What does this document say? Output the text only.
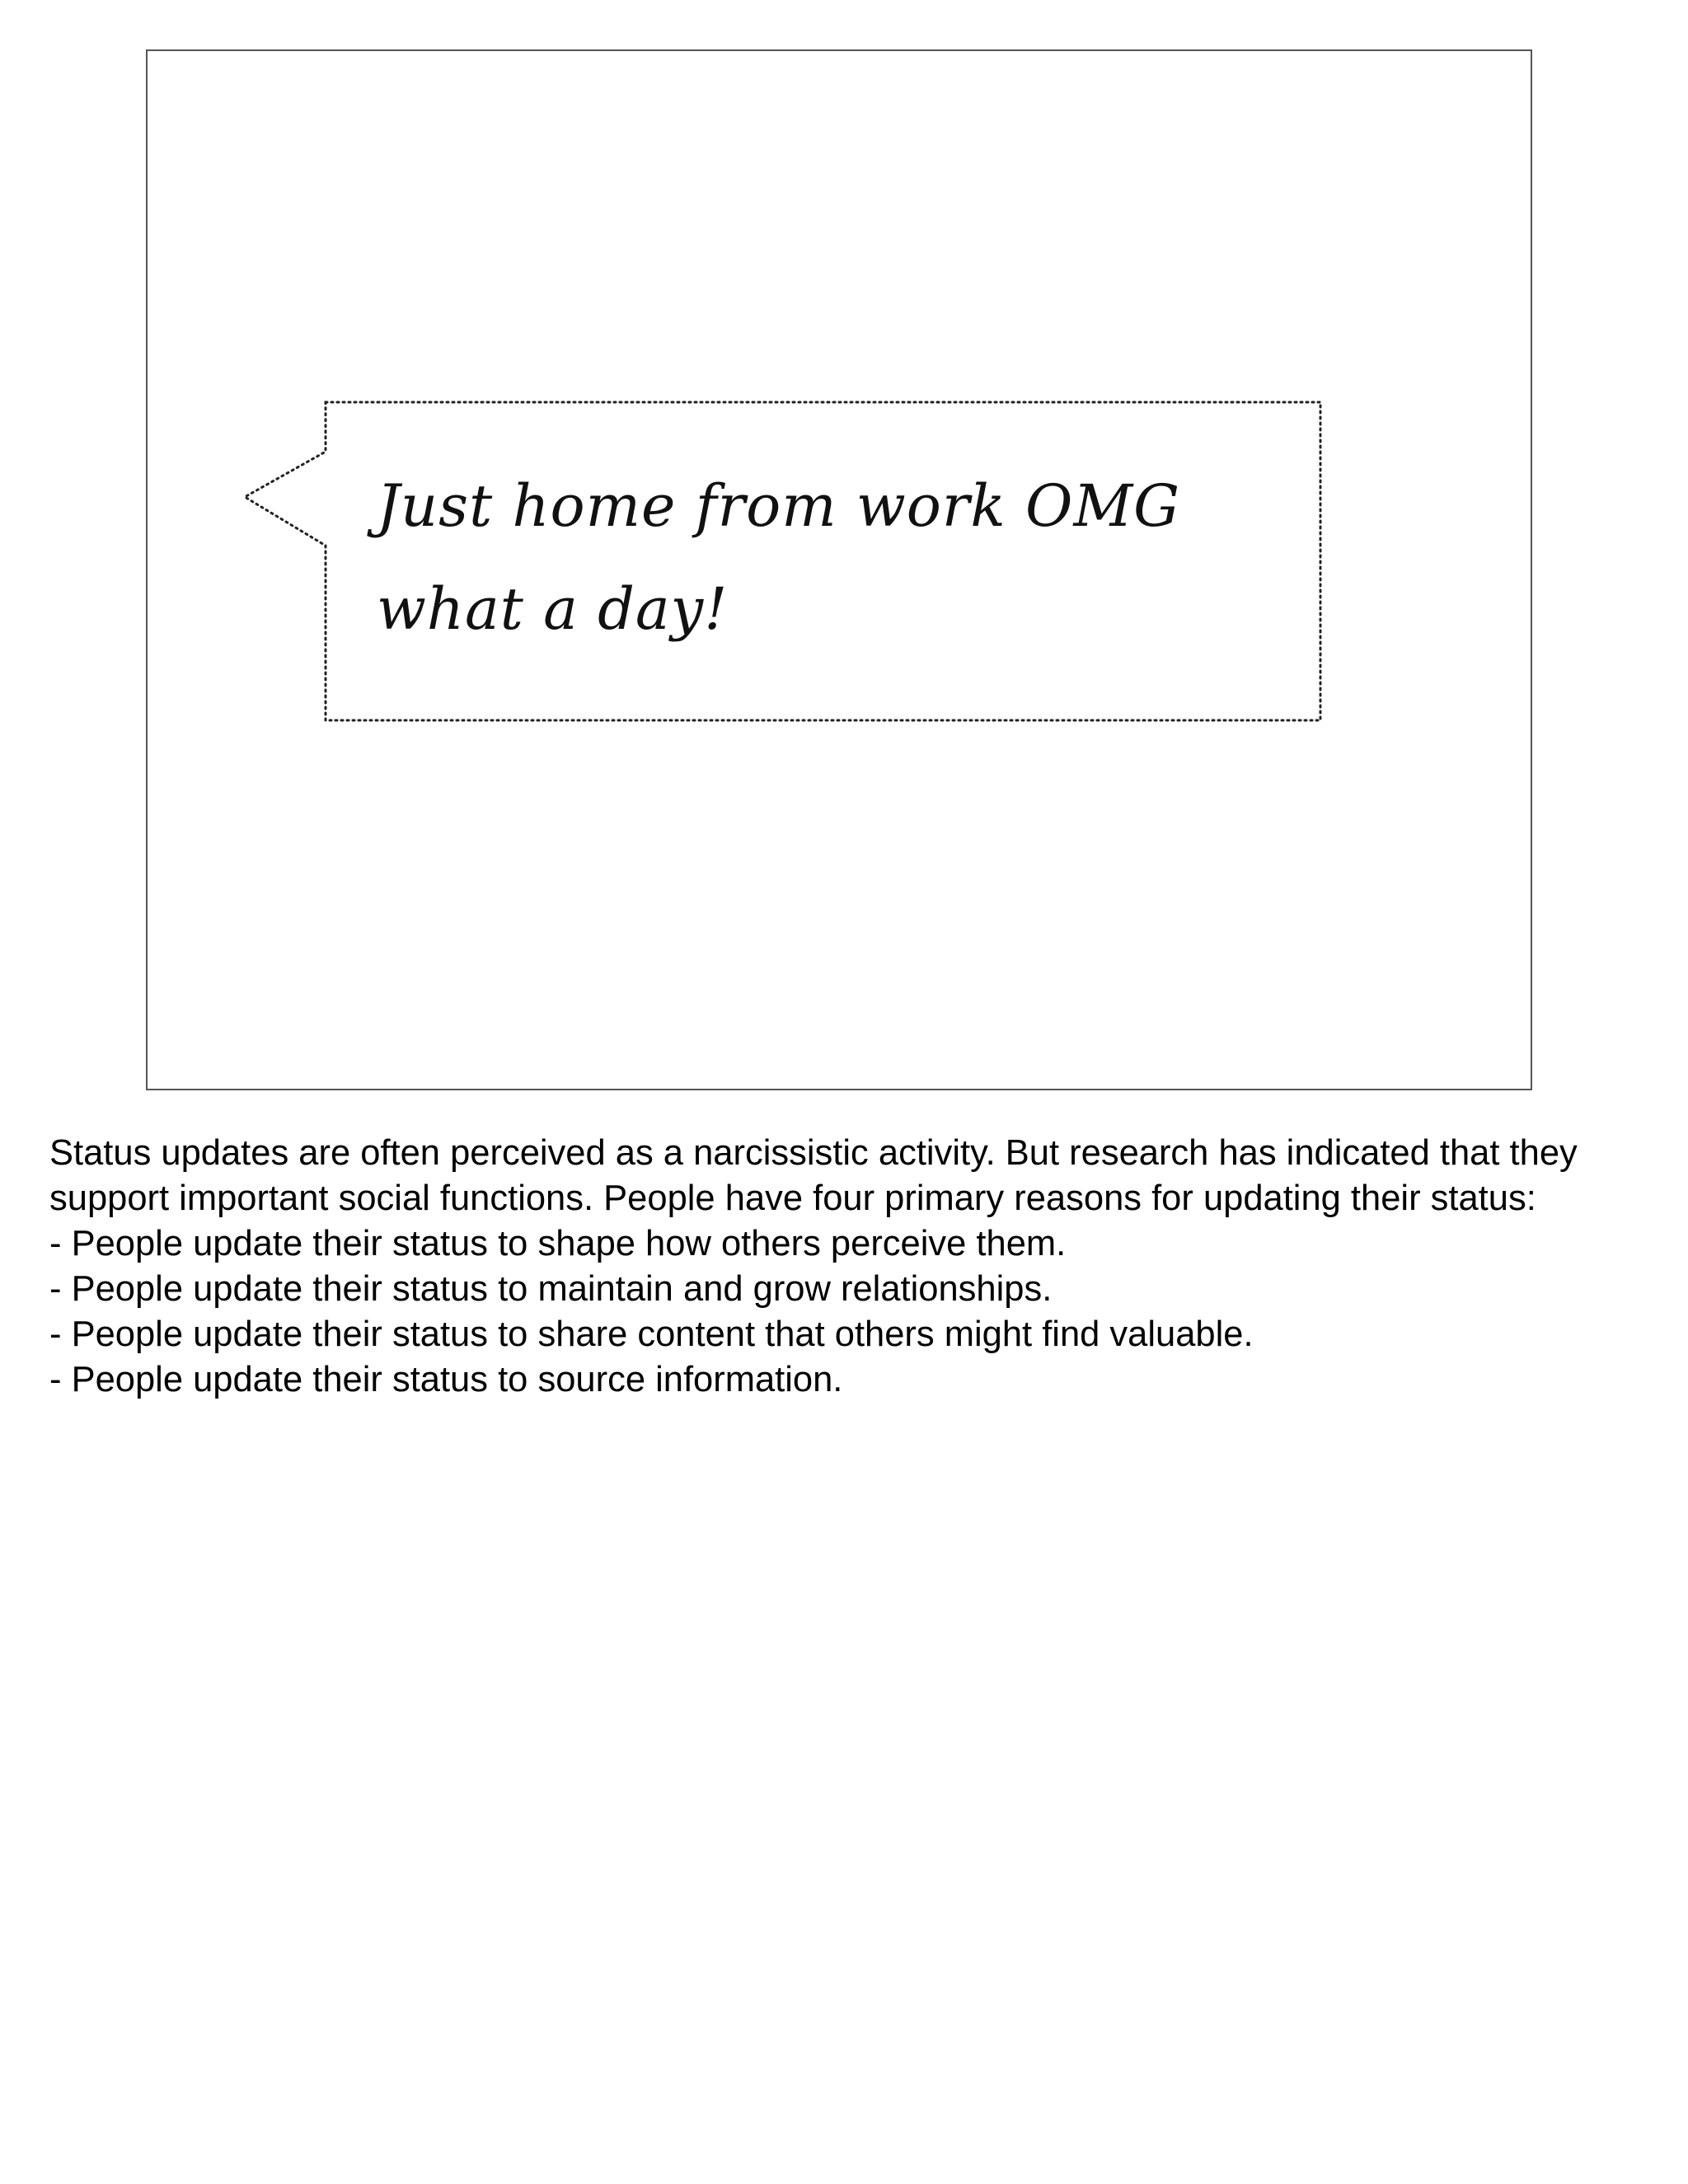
Just home from work OMG
what a day!

Status updates are often perceived as a narcissistic activity. But research has indicated that they support important social functions. People have four primary reasons for updating their status:

- People update their status to shape how others perceive them.
- People update their status to maintain and grow relationships.
- People update their status to share content that others might find valuable.
- People update their status to source information.
